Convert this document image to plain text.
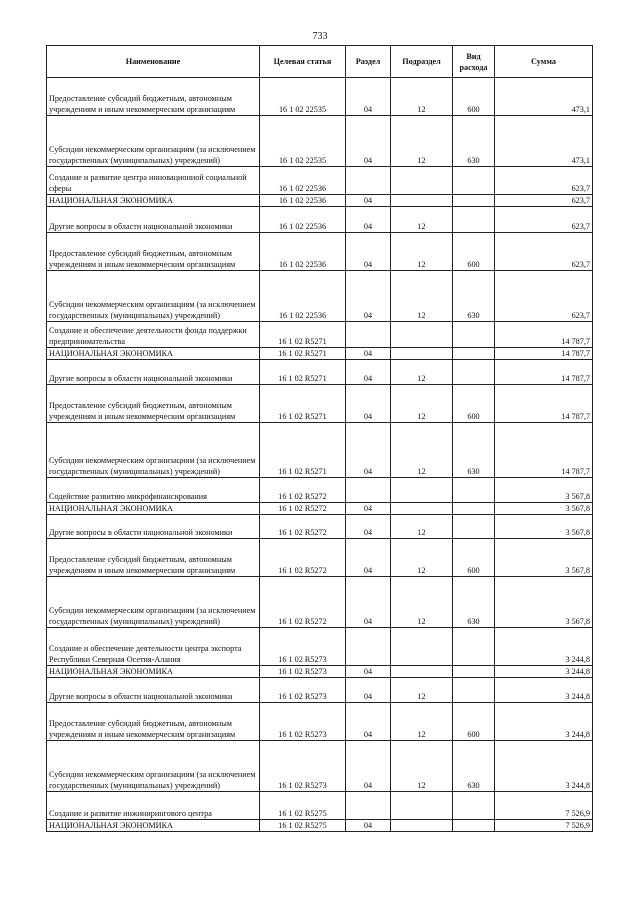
733
Наименование	Целевая статья	Раздел	Подраздел	Вид расхода	Сумма
Предоставление субсидий бюджетным, автономным учреждениям и иным некоммерческим организациям	16 1 02 22535	04	12	600	473,1
Субсидии некоммерческим организациям (за исключением государственных (муниципальных) учреждений)	16 1 02 22535	04	12	630	473,1
Создание и развитие центра инновационной социальной сферы	16 1 02 22536				623,7
НАЦИОНАЛЬНАЯ ЭКОНОМИКА	16 1 02 22536	04			623,7
Другие вопросы в области национальной экономики	16 1 02 22536	04	12		623,7
Предоставление субсидий бюджетным, автономным учреждениям и иным некоммерческим организациям	16 1 02 22536	04	12	600	623,7
Субсидии некоммерческим организациям (за исключением государственных (муниципальных) учреждений)	16 1 02 22536	04	12	630	623,7
Создание и обеспечение деятельности фонда поддержки предпринимательства	16 1 02 R5271				14 787,7
НАЦИОНАЛЬНАЯ ЭКОНОМИКА	16 1 02 R5271	04			14 787,7
Другие вопросы в области национальной экономики	16 1 02 R5271	04	12		14 787,7
Предоставление субсидий бюджетным, автономным учреждениям и иным некоммерческим организациям	16 1 02 R5271	04	12	600	14 787,7
Субсидии некоммерческим организациям (за исключением государственных (муниципальных) учреждений)	16 1 02 R5271	04	12	630	14 787,7
Содействие развитию микрофинансирования	16 1 02 R5272				3 567,8
НАЦИОНАЛЬНАЯ ЭКОНОМИКА	16 1 02 R5272	04			3 567,8
Другие вопросы в области национальной экономики	16 1 02 R5272	04	12		3 567,8
Предоставление субсидий бюджетным, автономным учреждениям и иным некоммерческим организациям	16 1 02 R5272	04	12	600	3 567,8
Субсидии некоммерческим организациям (за исключением государственных (муниципальных) учреждений)	16 1 02 R5272	04	12	630	3 567,8
Создание и обеспечение деятельности центра экспорта Республики Северная Осетия-Алания	16 1 02 R5273				3 244,8
НАЦИОНАЛЬНАЯ ЭКОНОМИКА	16 1 02 R5273	04			3 244,8
Другие вопросы в области национальной экономики	16 1 02 R5273	04	12		3 244,8
Предоставление субсидий бюджетным, автономным учреждениям и иным некоммерческим организациям	16 1 02 R5273	04	12	600	3 244,8
Субсидии некоммерческим организациям (за исключением государственных (муниципальных) учреждений)	16 1 02 R5273	04	12	630	3 244,8
Создание и развитие инжинирингового центра	16 1 02 R5275				7 526,9
НАЦИОНАЛЬНАЯ ЭКОНОМИКА	16 1 02 R5275	04			7 526,9
